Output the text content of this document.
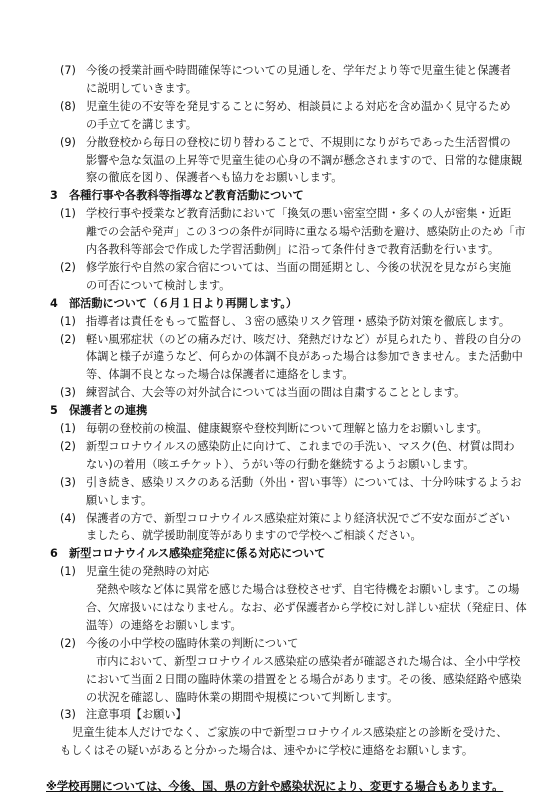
(7) 今後の授業計画や時間確保等についての見通しを、学年だより等で児童生徒と保護者
に説明していきます。
(8) 児童生徒の不安等を発見することに努め、相談員による対応を含め温かく見守るため
の手立てを講じます。
(9) 分散登校から毎日の登校に切り替わることで、不規則になりがちであった生活習慣の
影響や急な気温の上昇等で児童生徒の心身の不調が懸念されますので、日常的な健康観
察の徹底を図り、保護者へも協力をお願いします。
3　各種行事や各教科等指導など教育活動について
(1) 学校行事や授業など教育活動において「換気の悪い密室空間・多くの人が密集・近距
離での会話や発声」この３つの条件が同時に重なる場や活動を避け、感染防止のため「市
内各教科等部会で作成した学習活動例」に沿って条件付きで教育活動を行います。
(2) 修学旅行や自然の家合宿については、当面の間延期とし、今後の状況を見ながら実施
の可否について検討します。
4　部活動について（６月１日より再開します。）
(1) 指導者は責任をもって監督し、３密の感染リスク管理・感染予防対策を徹底します。
(2) 軽い風邪症状（のどの痛みだけ、咳だけ、発熱だけなど）が見られたり、普段の自分の
体調と様子が違うなど、何らかの体調不良があった場合は参加できません。また活動中
等、体調不良となった場合は保護者に連絡をします。
(3) 練習試合、大会等の対外試合については当面の間は自粛することとします。
5　保護者との連携
(1) 毎朝の登校前の検温、健康観察や登校判断について理解と協力をお願いします。
(2) 新型コロナウイルスの感染防止に向けて、これまでの手洗い、マスク(色、材質は問わ
ない)の着用（咳エチケット）、うがい等の行動を継続するようお願いします。
(3) 引き続き、感染リスクのある活動（外出・習い事等）については、十分吟味するようお
願いします。
(4) 保護者の方で、新型コロナウイルス感染症対策により経済状況でご不安な面がござい
ましたら、就学援助制度等がありますので学校へご相談ください。
6　新型コロナウイルス感染症発症に係る対応について
(1) 児童生徒の発熱時の対応
発熱や咳など体に異常を感じた場合は登校させず、自宅待機をお願いします。この場
合、欠席扱いにはなりません。なお、必ず保護者から学校に対し詳しい症状（発症日、体
温等）の連絡をお願いします。
(2) 今後の小中学校の臨時休業の判断について
市内において、新型コロナウイルス感染症の感染者が確認された場合は、全小中学校
において当面２日間の臨時休業の措置をとる場合があります。その後、感染経路や感染
の状況を確認し、臨時休業の期間や規模について判断します。
(3) 注意事項【お願い】
児童生徒本人だけでなく、ご家族の中で新型コロナウイルス感染症との診断を受けた、
もしくはその疑いがあると分かった場合は、速やかに学校に連絡をお願いします。
※学校再開については、今後、国、県の方針や感染状況により、変更する場合もあります。
